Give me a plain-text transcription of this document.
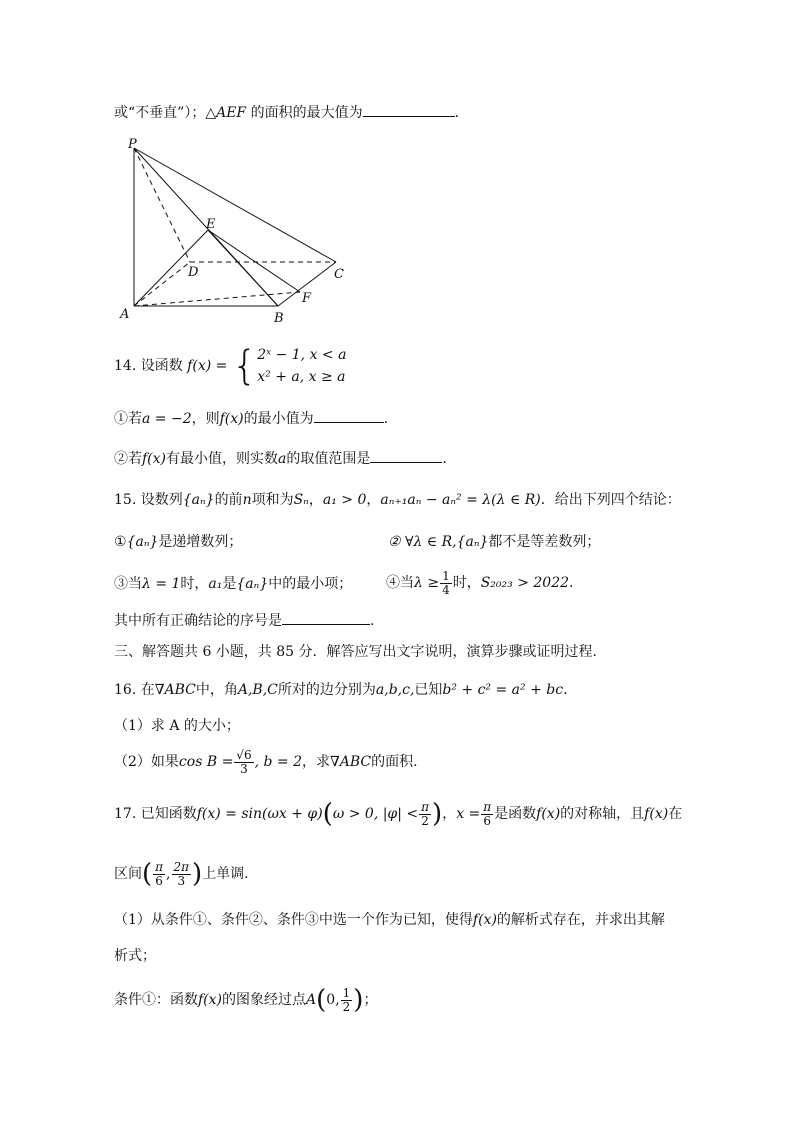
或“不垂直”）；△AEF 的面积的最大值为	.
P
E
D	C
F
A	B
14. 设函数 f(x) = { 2ˣ − 1, x < a
x² + a, x ≥ a
①若a = −2，则f(x)的最小值为	.
②若f(x)有最小值，则实数a的取值范围是	.
15. 设数列{aₙ}的前n项和为Sₙ，a₁ > 0，aₙ₊₁aₙ − aₙ² = λ(λ ∈ R)．给出下列四个结论：
①{aₙ}是递增数列；	② ∀λ ∈ R,{aₙ}都不是等差数列；
③当λ = 1时，a₁是{aₙ}中的最小项； ④当$\lambda \ge \frac{1}{4}$ 时，S₂₀₂₃ > 2022.
其中所有正确结论的序号是	.
三、解答题共 6 小题，共 85 分．解答应写出文字说明，演算步骤或证明过程．
16. 在∇ABC中，角A,B,C所对的边分别为a,b,c,已知b² + c² = a² + bc.
（1）求 A 的大小；
（2）如果$\cos B = \frac{√6}{3}$ , b = 2，求∇ABC的面积.
17. 已知函数f(x) = sin(ωx + φ)(ω > 0, $|\varphi| < \frac{\pi}{2}$ )，$x = \frac{\pi}{6}$ 是函数f(x)的对称轴，且f(x)在
区间( $\frac{\pi}{6}$ , $\frac{2\pi}{3}$ )上单调.
（1）从条件①、条件②、条件③中选一个作为已知，使得f(x)的解析式存在，并求出其解
析式；
条件①：函数f(x)的图象经过点A(0, $\frac{1}{2}$ )；
